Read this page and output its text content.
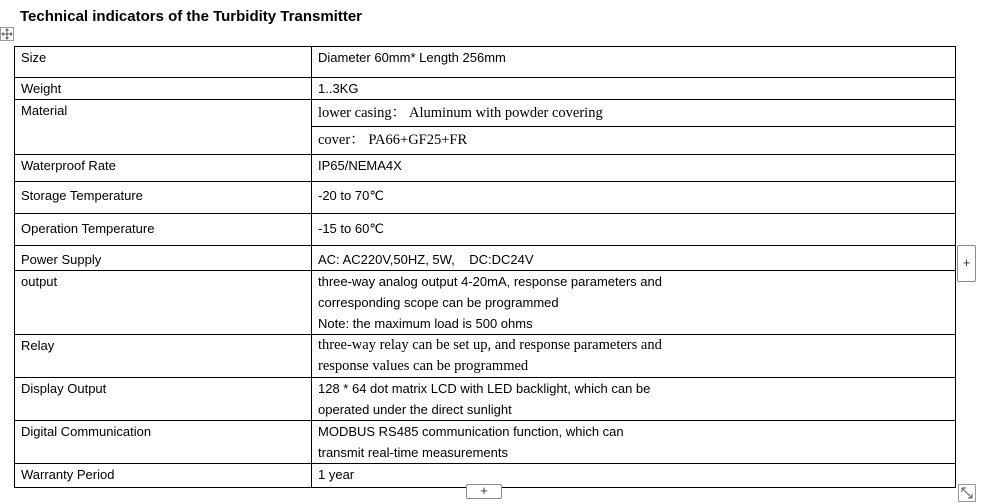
Technical indicators of the Turbidity Transmitter
Size	Diameter 60mm* Length 256mm
Weight	1..3KG
Material	lower casing： Aluminum with powder covering
cover： PA66+GF25+FR

Waterproof Rate	IP65/NEMA4X
Storage Temperature	-20 to 70℃
Operation Temperature	-15 to 60℃
Power Supply	AC: AC220V,50HZ, 5W,    DC:DC24V
output	three-way analog output 4-20mA, response parameters and
corresponding scope can be programmed
Note: the maximum load is 500 ohms

Relay	three-way relay can be set up, and response parameters and
response values can be programmed

Display Output	128 * 64 dot matrix LCD with LED backlight, which can be
operated under the direct sunlight

Digital Communication	MODBUS RS485 communication function, which can
transmit real-time measurements

Warranty Period	1 year
+
+
